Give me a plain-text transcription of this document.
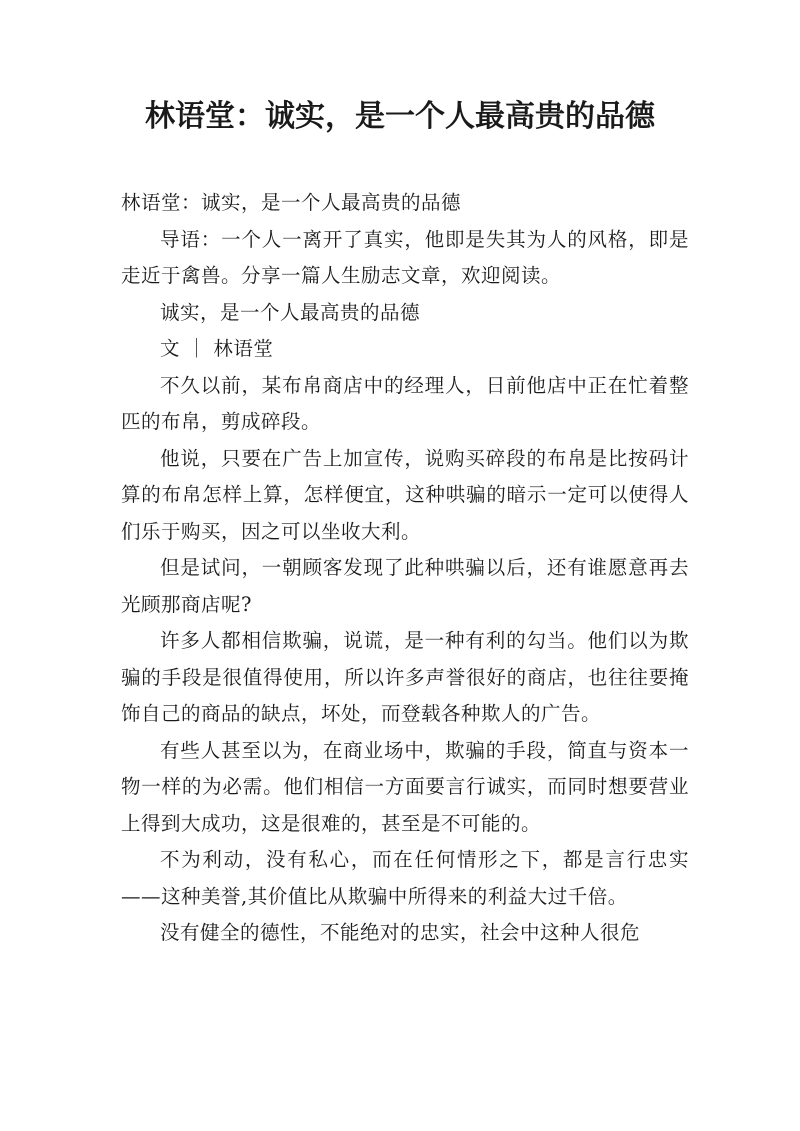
林语堂：诚实，是一个人最高贵的品德

林语堂：诚实，是一个人最高贵的品德

导语：一个人一离开了真实，他即是失其为人的风格，即是走近于禽兽。分享一篇人生励志文章，欢迎阅读。

诚实，是一个人最高贵的品德

文 ｜ 林语堂

不久以前，某布帛商店中的经理人，日前他店中正在忙着整匹的布帛，剪成碎段。

他说，只要在广告上加宣传，说购买碎段的布帛是比按码计算的布帛怎样上算，怎样便宜，这种哄骗的暗示一定可以使得人们乐于购买，因之可以坐收大利。

但是试问，一朝顾客发现了此种哄骗以后，还有谁愿意再去光顾那商店呢?

许多人都相信欺骗，说谎，是一种有利的勾当。他们以为欺骗的手段是很值得使用，所以许多声誉很好的商店，也往往要掩饰自己的商品的缺点，坏处，而登载各种欺人的广告。

有些人甚至以为，在商业场中，欺骗的手段，简直与资本一物一样的为必需。他们相信一方面要言行诚实，而同时想要营业上得到大成功，这是很难的，甚至是不可能的。

不为利动，没有私心，而在任何情形之下，都是言行忠实——这种美誉,其价值比从欺骗中所得来的利益大过千倍。

没有健全的德性，不能绝对的忠实，社会中这种人很危
